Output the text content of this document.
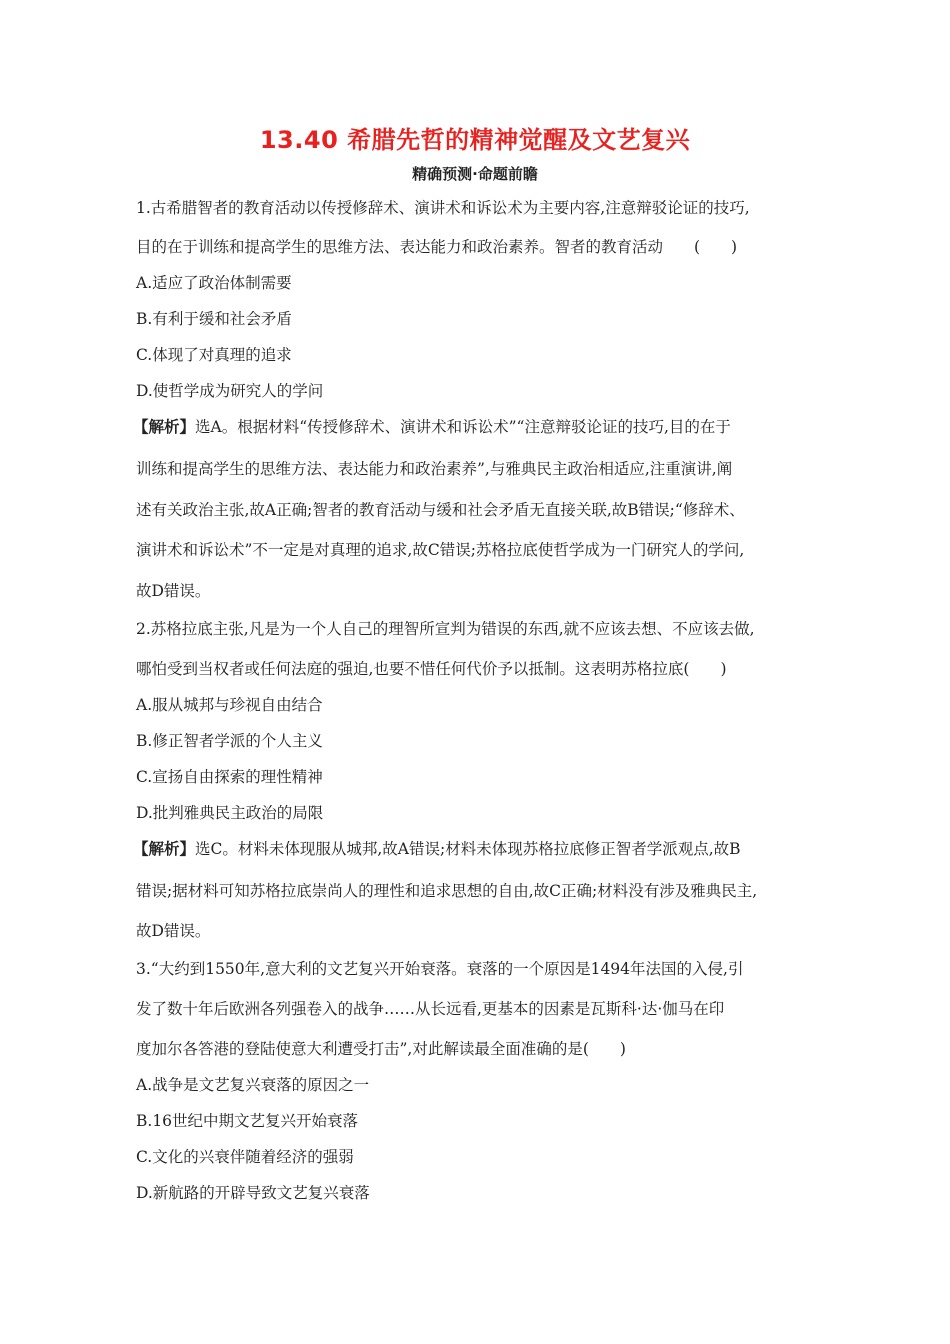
13.40 希腊先哲的精神觉醒及文艺复兴
精确预测·命题前瞻
1.古希腊智者的教育活动以传授修辞术、演讲术和诉讼术为主要内容,注意辩驳论证的技巧,
目的在于训练和提高学生的思维方法、表达能力和政治素养。智者的教育活动　　(　　)
A.适应了政治体制需要
B.有利于缓和社会矛盾
C.体现了对真理的追求
D.使哲学成为研究人的学问
【解析】选A。根据材料“传授修辞术、演讲术和诉讼术”“注意辩驳论证的技巧,目的在于
训练和提高学生的思维方法、表达能力和政治素养”,与雅典民主政治相适应,注重演讲,阐
述有关政治主张,故A正确;智者的教育活动与缓和社会矛盾无直接关联,故B错误;“修辞术、
演讲术和诉讼术”不一定是对真理的追求,故C错误;苏格拉底使哲学成为一门研究人的学问,
故D错误。
2.苏格拉底主张,凡是为一个人自己的理智所宣判为错误的东西,就不应该去想、不应该去做,
哪怕受到当权者或任何法庭的强迫,也要不惜任何代价予以抵制。这表明苏格拉底(　　)
A.服从城邦与珍视自由结合
B.修正智者学派的个人主义
C.宣扬自由探索的理性精神
D.批判雅典民主政治的局限
【解析】选C。材料未体现服从城邦,故A错误;材料未体现苏格拉底修正智者学派观点,故B
错误;据材料可知苏格拉底崇尚人的理性和追求思想的自由,故C正确;材料没有涉及雅典民主,
故D错误。
3.“大约到1550年,意大利的文艺复兴开始衰落。衰落的一个原因是1494年法国的入侵,引
发了数十年后欧洲各列强卷入的战争……从长远看,更基本的因素是瓦斯科·达·伽马在印
度加尔各答港的登陆使意大利遭受打击”,对此解读最全面准确的是(　　)
A.战争是文艺复兴衰落的原因之一
B.16世纪中期文艺复兴开始衰落
C.文化的兴衰伴随着经济的强弱
D.新航路的开辟导致文艺复兴衰落
